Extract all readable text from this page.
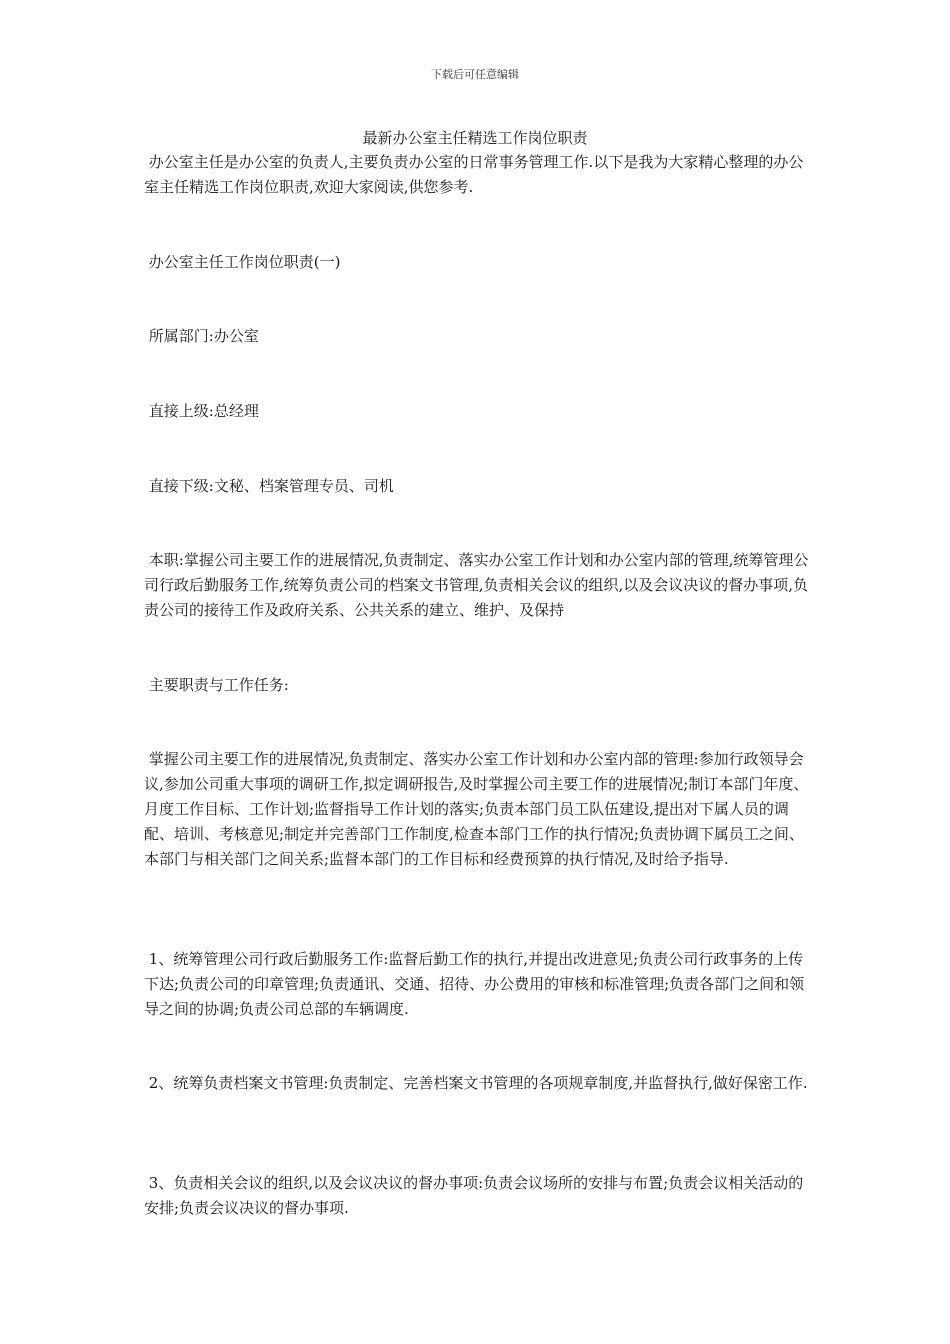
下载后可任意编辑
最新办公室主任精选工作岗位职责
办公室主任是办公室的负责人,主要负责办公室的日常事务管理工作.以下是我为大家精心整理的办公室主任精选工作岗位职责,欢迎大家阅读,供您参考.
办公室主任工作岗位职责(一)
所属部门:办公室
直接上级:总经理
直接下级:文秘、档案管理专员、司机
本职:掌握公司主要工作的进展情况,负责制定、落实办公室工作计划和办公室内部的管理,统筹管理公司行政后勤服务工作,统筹负责公司的档案文书管理,负责相关会议的组织,以及会议决议的督办事项,负责公司的接待工作及政府关系、公共关系的建立、维护、及保持
主要职责与工作任务:
掌握公司主要工作的进展情况,负责制定、落实办公室工作计划和办公室内部的管理:参加行政领导会议,参加公司重大事项的调研工作,拟定调研报告,及时掌握公司主要工作的进展情况;制订本部门年度、月度工作目标、工作计划;监督指导工作计划的落实;负责本部门员工队伍建设,提出对下属人员的调配、培训、考核意见;制定并完善部门工作制度,检查本部门工作的执行情况;负责协调下属员工之间、本部门与相关部门之间关系;监督本部门的工作目标和经费预算的执行情况,及时给予指导.
1、统筹管理公司行政后勤服务工作:监督后勤工作的执行,并提出改进意见;负责公司行政事务的上传下达;负责公司的印章管理;负责通讯、交通、招待、办公费用的审核和标准管理;负责各部门之间和领导之间的协调;负责公司总部的车辆调度.
2、统筹负责档案文书管理:负责制定、完善档案文书管理的各项规章制度,并监督执行,做好保密工作.
3、负责相关会议的组织,以及会议决议的督办事项:负责会议场所的安排与布置;负责会议相关活动的安排;负责会议决议的督办事项.
